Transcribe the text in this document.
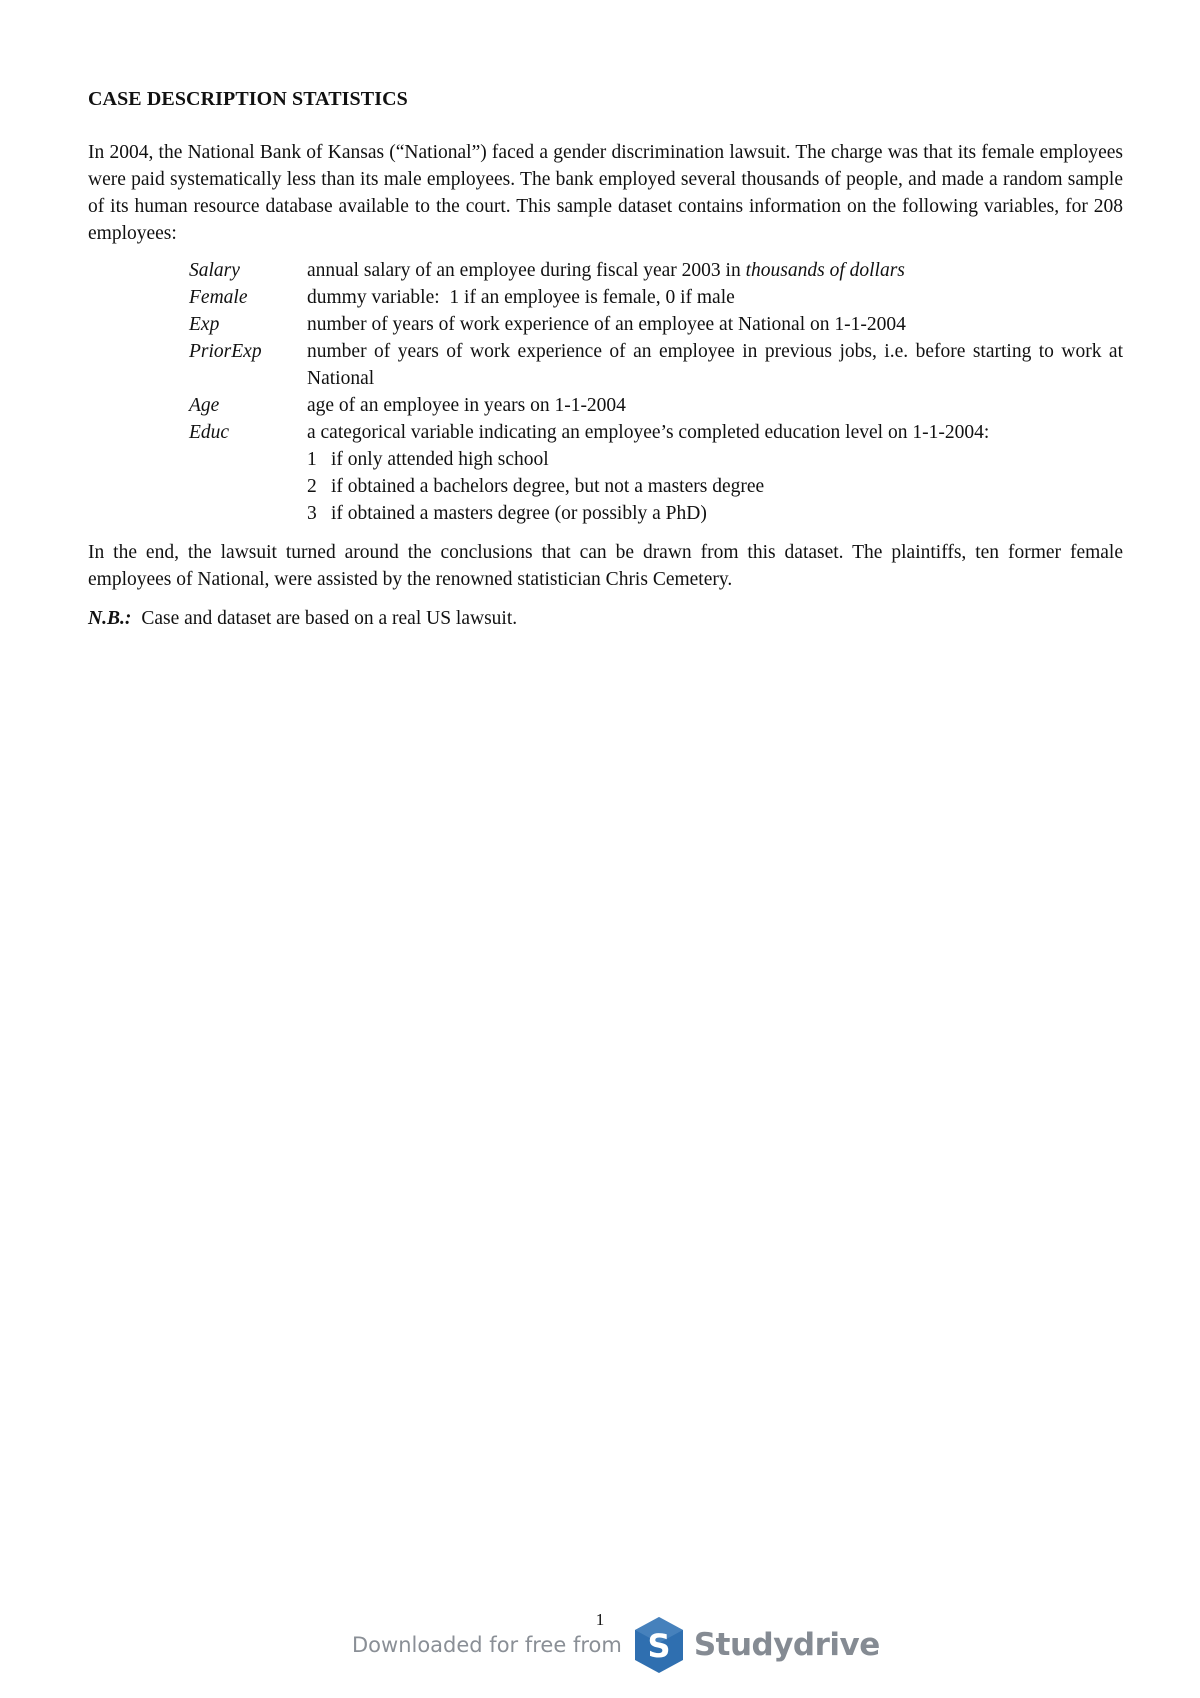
CASE DESCRIPTION STATISTICS

In 2004, the National Bank of Kansas (“National”) faced a gender discrimination lawsuit. The charge was that its female employees were paid systematically less than its male employees. The bank employed several thousands of people, and made a random sample of its human resource database available to the court. This sample dataset contains information on the following variables, for 208 employees:

Salary	annual salary of an employee during fiscal year 2003 in thousands of dollars
Female	dummy variable:  1 if an employee is female, 0 if male
Exp	number of years of work experience of an employee at National on 1-1-2004
PriorExp	number of years of work experience of an employee in previous jobs, i.e. before starting to work at National
Age	age of an employee in years on 1-1-2004
Educ	a categorical variable indicating an employee’s completed education level on 1-1-2004:
1 if only attended high school
2 if obtained a bachelors degree, but not a masters degree
3 if obtained a masters degree (or possibly a PhD)

In the end, the lawsuit turned around the conclusions that can be drawn from this dataset. The plaintiffs, ten former female employees of National, were assisted by the renowned statistician Chris Cemetery.

N.B.: Case and dataset are based on a real US lawsuit.

1
Downloaded for free from S Studydrive
